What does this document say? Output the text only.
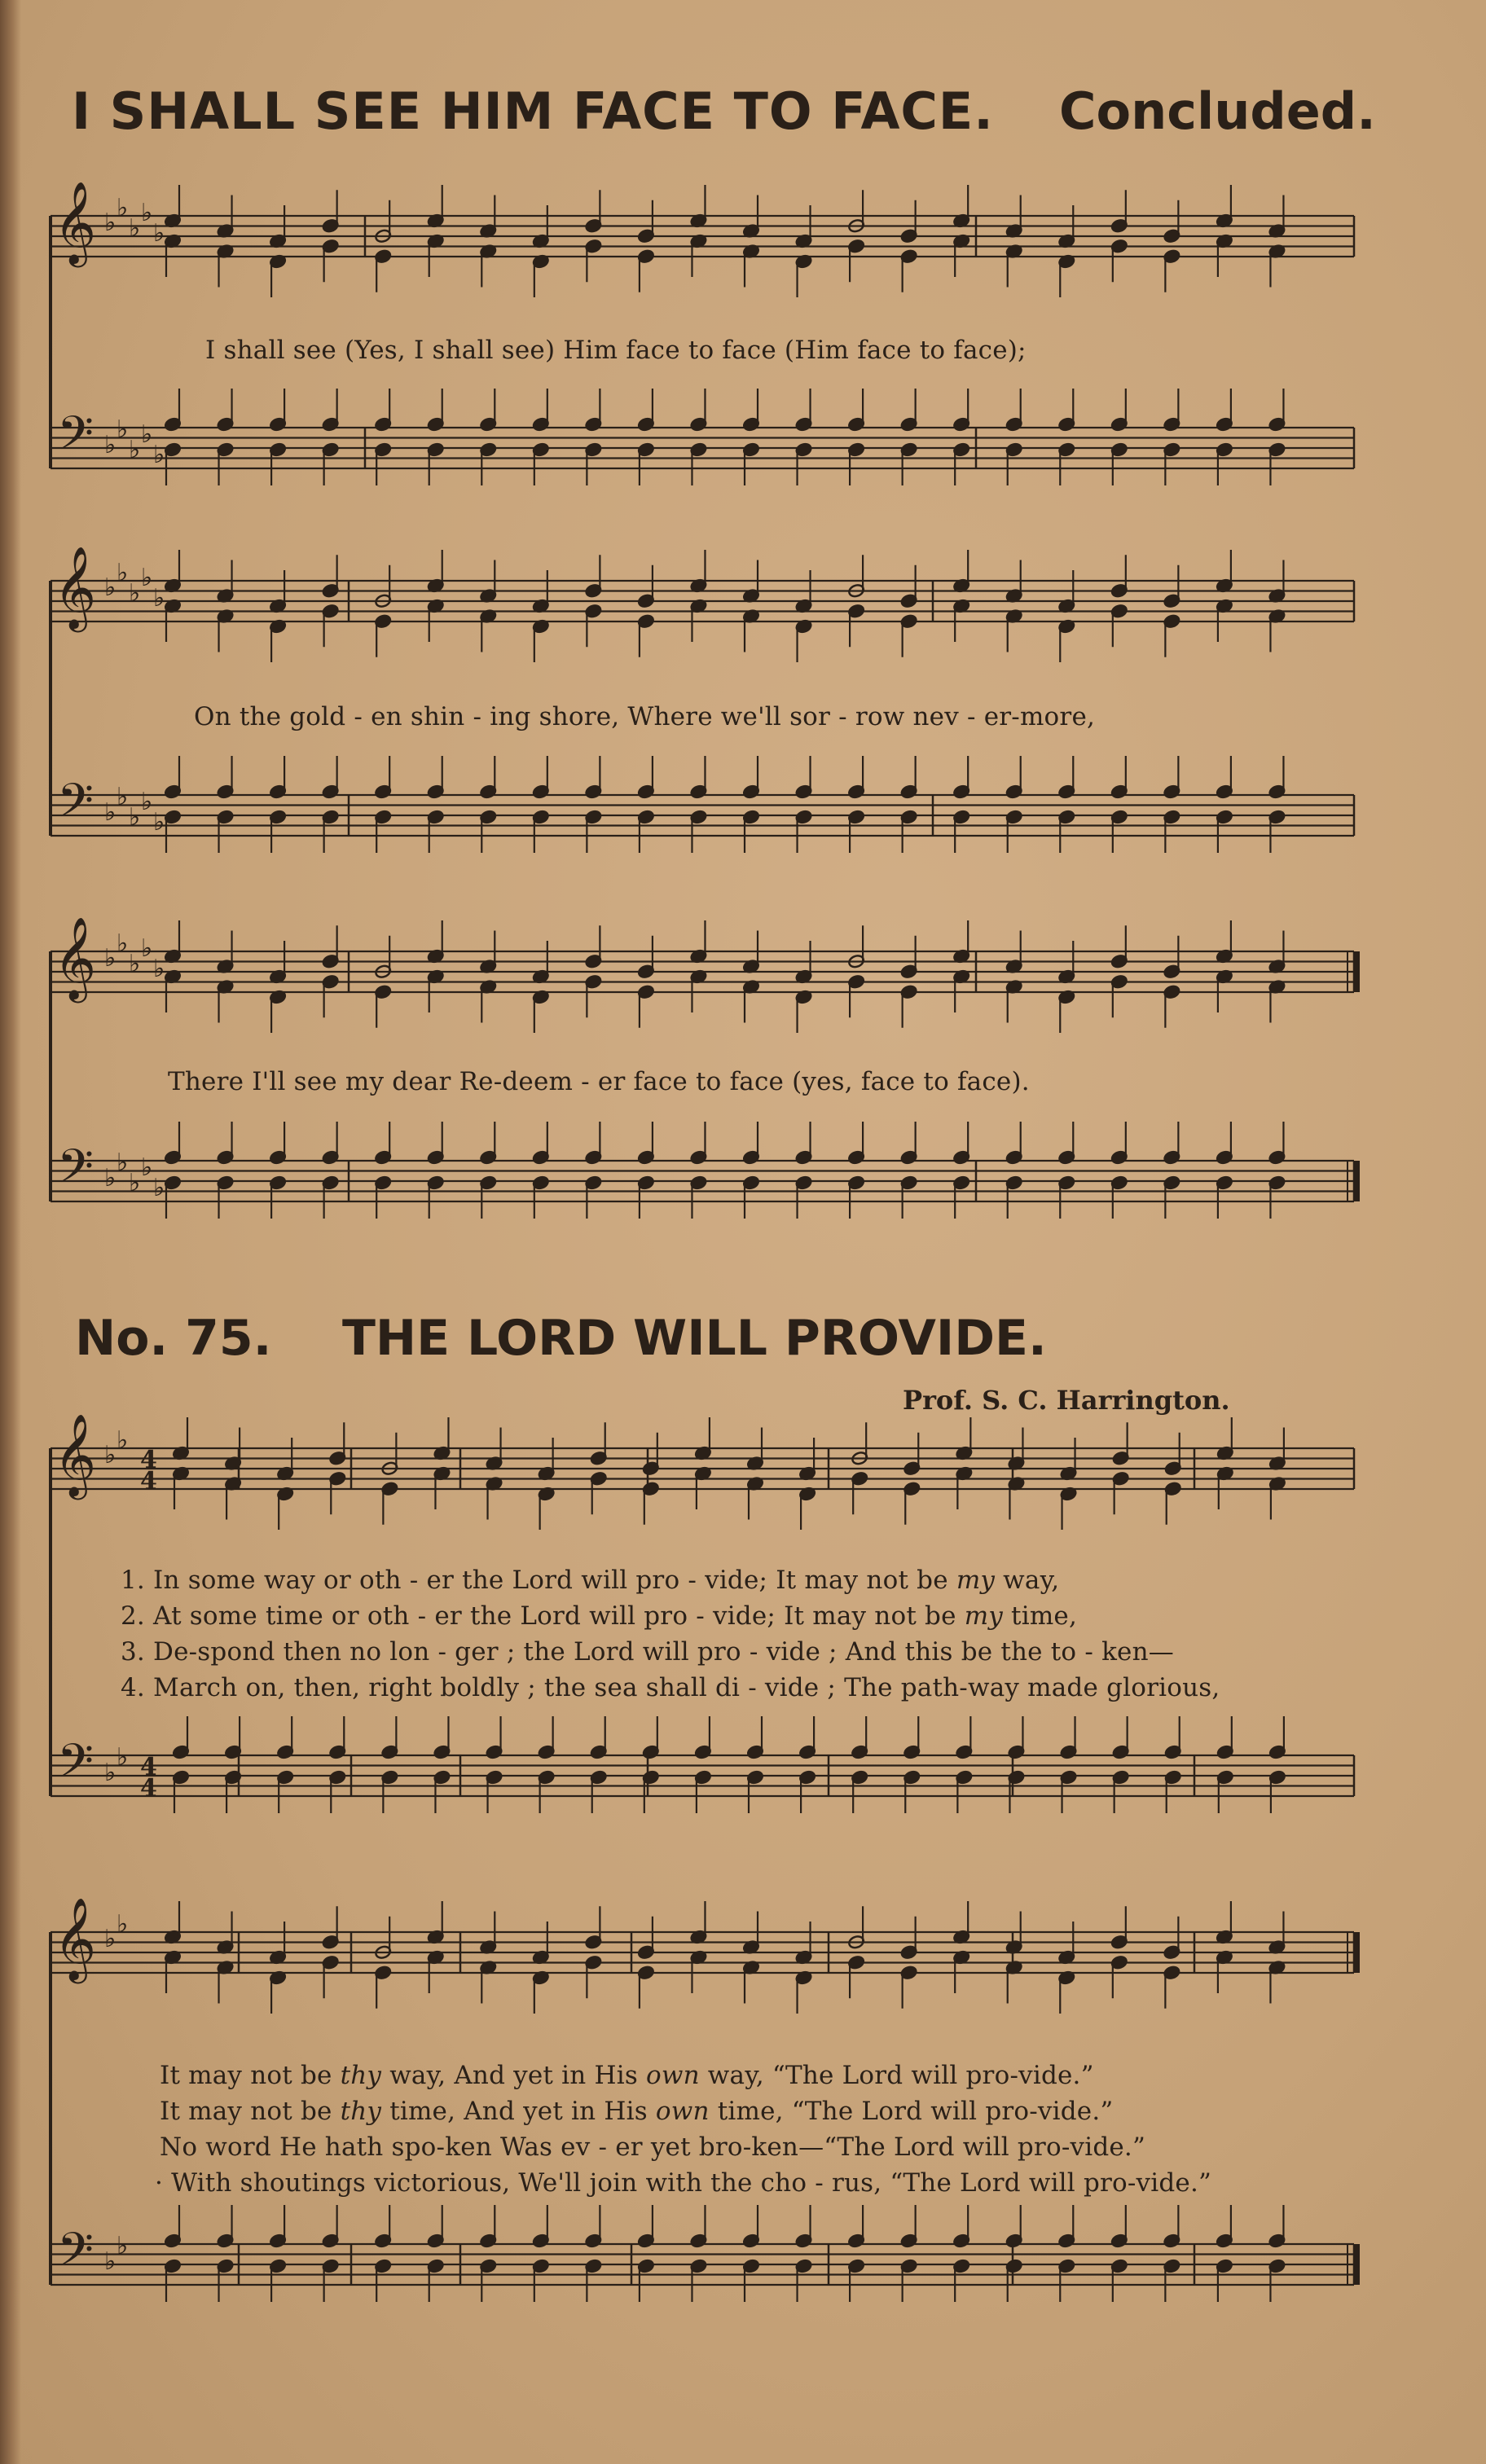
I SHALL SEE HIM FACE TO FACE. Concluded.
𝄞
𝄢
♭
♭
♭
♭
♭
♭
♭
♭
♭
♭
𝄞
𝄢
♭
♭
♭
♭
♭
♭
♭
♭
♭
♭
𝄞
𝄢
♭
♭
♭
♭
♭
♭
♭
♭
♭
♭
𝄞
𝄢
♭
♭
♭
♭
4
4
4
4
𝄞
𝄢
♭
♭
♭
♭
I shall see (Yes, I shall see) Him face to face (Him face to face);
On the gold - en shin - ing shore, Where we'll sor - row nev - er-more,
There I'll see my dear Re-deem - er face to face (yes, face to face).
No. 75. THE LORD WILL PROVIDE.
Prof. S. C. Harrington.
1. In some way or oth - er the Lord will pro - vide; It may not be my way,
2. At some time or oth - er the Lord will pro - vide; It may not be my time,
3. De-spond then no lon - ger ; the Lord will pro - vide ; And this be the to - ken—
4. March on, then, right boldly ; the sea shall di - vide ; The path-way made glorious,
It may not be thy way, And yet in His own way, “The Lord will pro-vide.”
It may not be thy time, And yet in His own time, “The Lord will pro-vide.”
No word He hath spo-ken Was ev - er yet bro-ken—“The Lord will pro-vide.”
· With shoutings victorious, We'll join with the cho - rus, “The Lord will pro-vide.”
